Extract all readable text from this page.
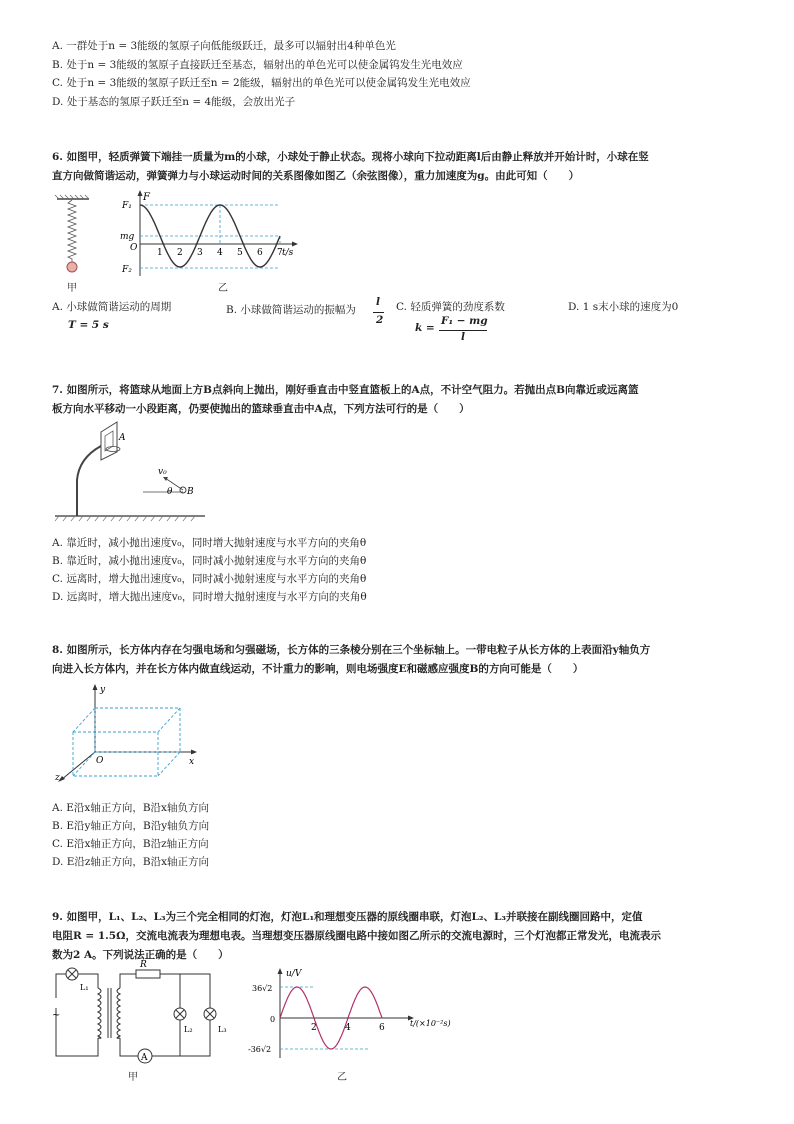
A. 一群处于n = 3能级的氢原子向低能级跃迁，最多可以辐射出4种单色光
B. 处于n = 3能级的氢原子直接跃迁至基态，辐射出的单色光可以使金属钨发生光电效应
C. 处于n = 3能级的氢原子跃迁至n = 2能级，辐射出的单色光可以使金属钨发生光电效应
D. 处于基态的氢原子跃迁至n = 4能级，会放出光子
6. 如图甲，轻质弹簧下端挂一质量为m的小球，小球处于静止状态。现将小球向下拉动距离l后由静止释放并开始计时，小球在竖
直方向做简谐运动，弹簧弹力与小球运动时间的关系图像如图乙（余弦图像），重力加速度为g。由此可知（　　）
甲
F
F₁
mg
O
F₂
t/s
1 2 3 4 5 6 7
乙
A. 小球做简谐运动的周期
T = 5 s
B. 小球做简谐运动的振幅为
l
2
C. 轻质弹簧的劲度系数
k =
F₁ − mg
l
D. 1 s末小球的速度为0
7. 如图所示，将篮球从地面上方B点斜向上抛出，刚好垂直击中竖直篮板上的A点，不计空气阻力。若抛出点B向靠近或远离篮
板方向水平移动一小段距离，仍要使抛出的篮球垂直击中A点，下列方法可行的是（　　）
A
v₀
θ B
A. 靠近时，减小抛出速度v₀，同时增大抛射速度与水平方向的夹角θ
B. 靠近时，减小抛出速度v₀，同时减小抛射速度与水平方向的夹角θ
C. 远离时，增大抛出速度v₀，同时减小抛射速度与水平方向的夹角θ
D. 远离时，增大抛出速度v₀，同时增大抛射速度与水平方向的夹角θ
8. 如图所示，长方体内存在匀强电场和匀强磁场，长方体的三条棱分别在三个坐标轴上。一带电粒子从长方体的上表面沿y轴负方
向进入长方体内，并在长方体内做直线运动，不计重力的影响，则电场强度E和磁感应强度B的方向可能是（　　）
y
x
z
O
A. E沿x轴正方向，B沿x轴负方向
B. E沿y轴正方向，B沿y轴负方向
C. E沿x轴正方向，B沿z轴正方向
D. E沿z轴正方向，B沿x轴正方向
9. 如图甲，L₁、L₂、L₃为三个完全相同的灯泡，灯泡L₁和理想变压器的原线圈串联，灯泡L₂、L₃并联接在副线圈回路中，定值
电阻R = 1.5Ω，交流电流表为理想电表。当理想变压器原线圈电路中接如图乙所示的交流电源时，三个灯泡都正常发光，电流表示
数为2 A。下列说法正确的是（　　）
R
L₁
L₂	L₃
A
~
甲
u/V
36√2
0
-36√2
t/(×10⁻²s)
2	4	6
乙
